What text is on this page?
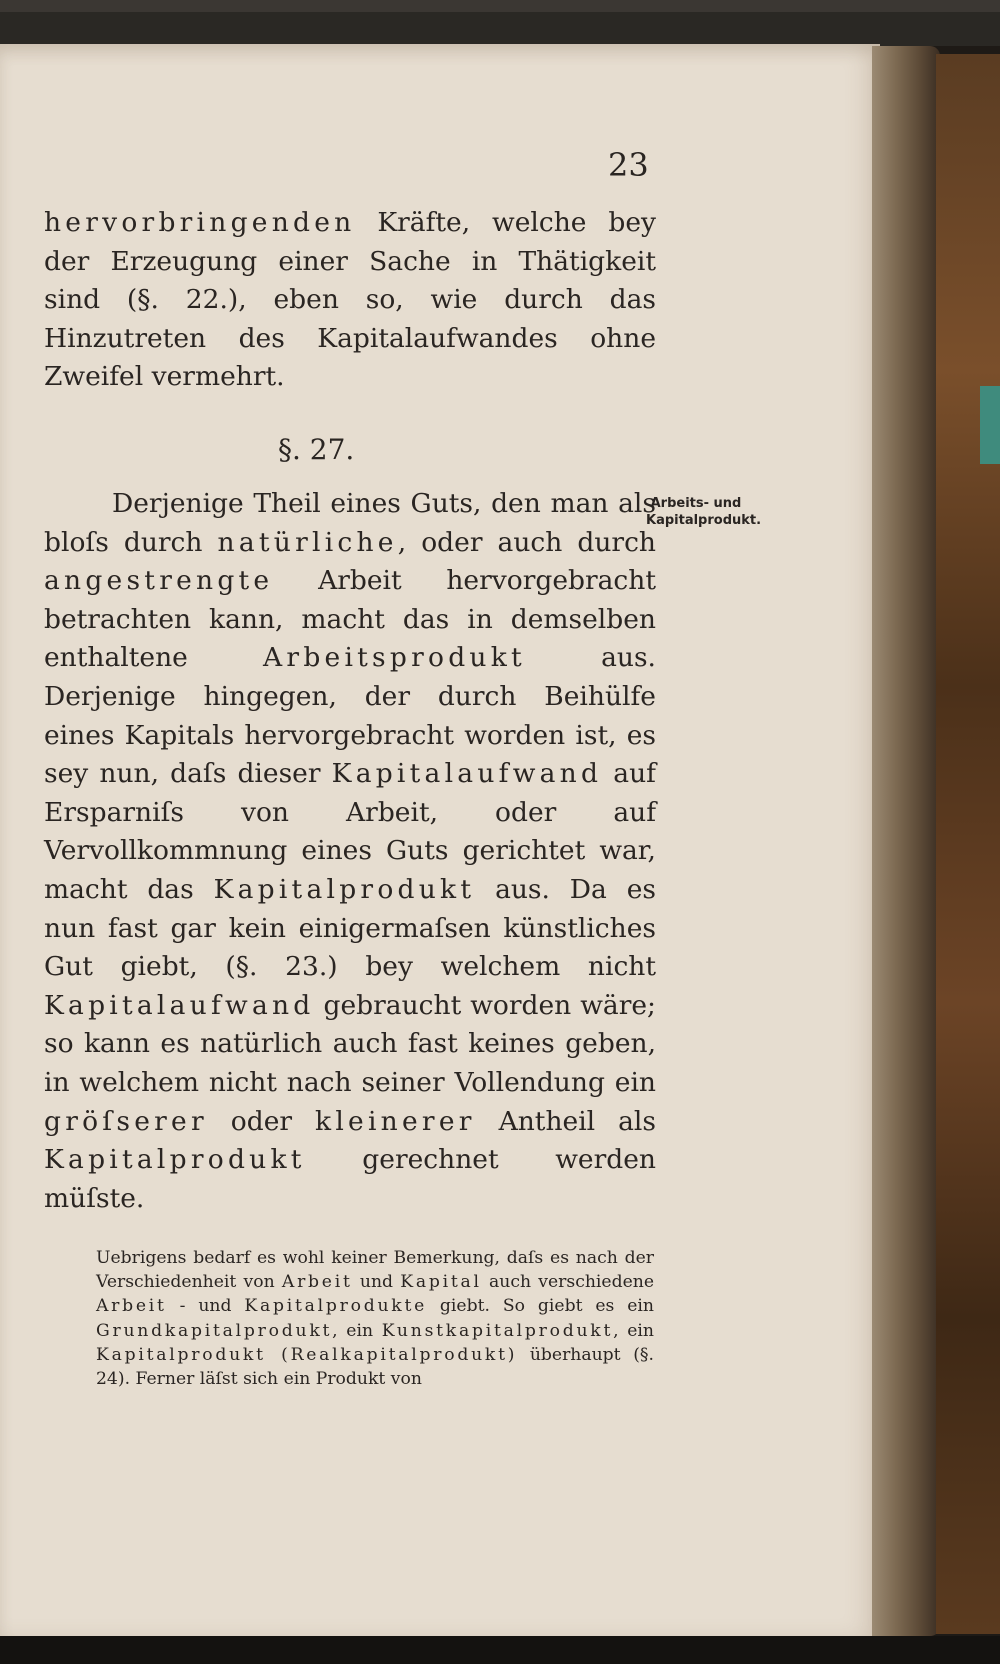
23
hervorbringenden Kräfte, welche bey der Erzeugung einer Sache in Thätigkeit sind (§. 22.), eben so, wie durch das Hinzutreten des Kapitalaufwandes ohne Zweifel vermehrt.
§. 27.
Arbeits- und Kapitalprodukt.
Derjenige Theil eines Guts, den man als bloſs durch natürliche, oder auch durch angestrengte Arbeit hervorgebracht betrachten kann, macht das in demselben enthaltene Arbeitsprodukt aus. Derjenige hingegen, der durch Beihülfe eines Kapitals hervorgebracht worden ist, es sey nun, daſs dieser Kapitalaufwand auf Ersparniſs von Arbeit, oder auf Vervollkommnung eines Guts gerichtet war, macht das Kapitalprodukt aus. Da es nun fast gar kein einigermaſsen künstliches Gut giebt, (§. 23.) bey welchem nicht Kapitalaufwand gebraucht worden wäre; so kann es natürlich auch fast keines geben, in welchem nicht nach seiner Vollendung ein gröſserer oder kleinerer Antheil als Kapitalprodukt gerechnet werden müſste.
Uebrigens bedarf es wohl keiner Bemerkung, daſs es nach der Verschiedenheit von Arbeit und Kapital auch verschiedene Arbeit - und Kapitalprodukte giebt. So giebt es ein Grundkapitalprodukt, ein Kunstkapitalprodukt, ein Kapitalprodukt (Realkapitalprodukt) überhaupt (§. 24). Ferner läſst sich ein Produkt von
